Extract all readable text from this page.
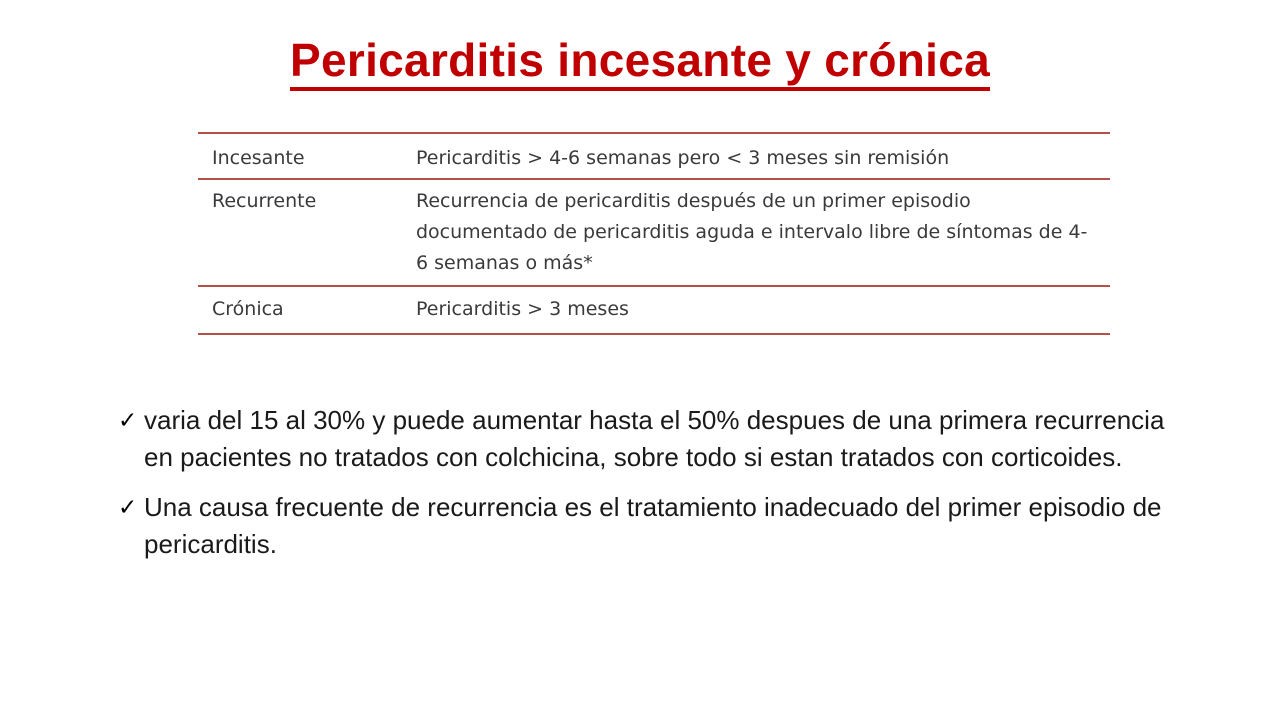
Pericarditis incesante y crónica
Incesante	Pericarditis > 4-6 semanas pero < 3 meses sin remisión
Recurrente	Recurrencia de pericarditis después de un primer episodio documentado de pericarditis aguda e intervalo libre de síntomas de 4-6 semanas o más*
Crónica	Pericarditis > 3 meses
✓ varia del 15 al 30% y puede aumentar hasta el 50% despues de una primera recurrencia en pacientes no tratados con colchicina, sobre todo si estan tratados con corticoides.
✓ Una causa frecuente de recurrencia es el tratamiento inadecuado del primer episodio de pericarditis.
